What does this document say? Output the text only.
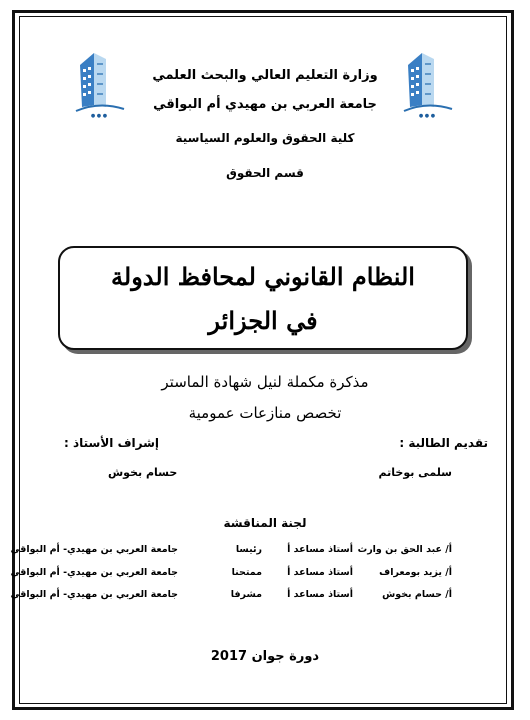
● ● ●	● ● ●
وزارة التعليم العالي والبحث العلمي
جامعة العربي بن مهيدي أم البواقي
كلية الحقوق والعلوم السياسية
قسم الحقوق
النظام القانوني لمحافظ الدولة
في الجزائر
مذكرة مكملة لنيل شهادة الماستر
تخصص منازعات عمومية
تقديم الطالبة :
إشراف الأستاذ :
سلمى بوخاتم
حسام بخوش
لجنة المناقشة
أ/ عبد الحق بن وارث
أستاذ مساعد أ
رئيسا
جامعة العربي بن مهيدي- أم البواقي
أ/ يزيد بومعراف
أستاذ مساعد أ
ممتحنا
جامعة العربي بن مهيدي- أم البواقي
أ/ حسام بخوش
أستاذ مساعد أ
مشرفا
جامعة العربي بن مهيدي- أم البواقي
دورة جوان 2017
